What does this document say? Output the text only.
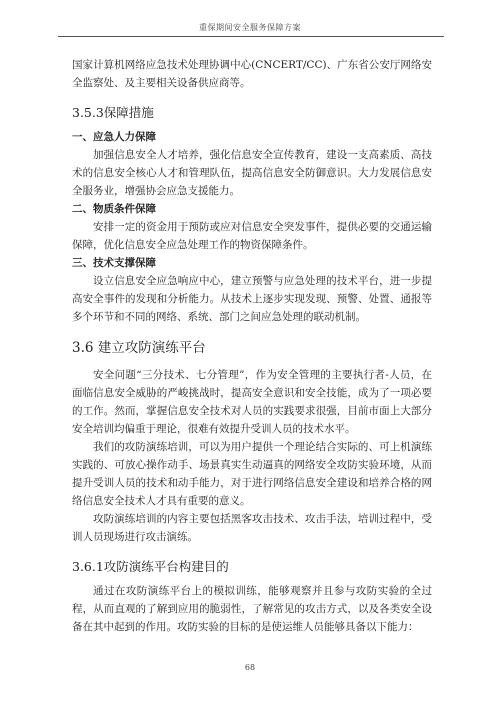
重保期间安全服务保障方案

国家计算机网络应急技术处理协调中心(CNCERT/CC)、广东省公安厅网络安全监察处、及主要相关设备供应商等。

3.5.3保障措施
一、应急人力保障

加强信息安全人才培养，强化信息安全宣传教育，建设一支高素质、高技术的信息安全核心人才和管理队伍，提高信息安全防御意识。大力发展信息安全服务业，增强协会应急支援能力。

二、物质条件保障

安排一定的资金用于预防或应对信息安全突发事件，提供必要的交通运输保障，优化信息安全应急处理工作的物资保障条件。

三、技术支撑保障

设立信息安全应急响应中心，建立预警与应急处理的技术平台，进一步提高安全事件的发现和分析能力。从技术上逐步实现发现、预警、处置、通报等多个环节和不同的网络、系统、部门之间应急处理的联动机制。

3.6 建立攻防演练平台

安全问题“三分技术、七分管理”，作为安全管理的主要执行者-人员，在面临信息安全威胁的严峻挑战时，提高安全意识和安全技能，成为了一项必要的工作。然而，掌握信息安全技术对人员的实践要求很强，目前市面上大部分安全培训均偏重于理论，很难有效提升受训人员的技术水平。

我们的攻防演练培训，可以为用户提供一个理论结合实际的、可上机演练实践的、可放心操作动手、场景真实生动逼真的网络安全攻防实验环境，从而提升受训人员的技术和动手能力，对于进行网络信息安全建设和培养合格的网络信息安全技术人才具有重要的意义。

攻防演练培训的内容主要包括黑客攻击技术、攻击手法，培训过程中，受训人员现场进行攻击演练。

3.6.1攻防演练平台构建目的

通过在攻防演练平台上的模拟训练，能够观察并且参与攻防实验的全过程，从而直观的了解到应用的脆弱性，了解常见的攻击方式，以及各类安全设备在其中起到的作用。攻防实验的目标的是使运维人员能够具备以下能力：

68
